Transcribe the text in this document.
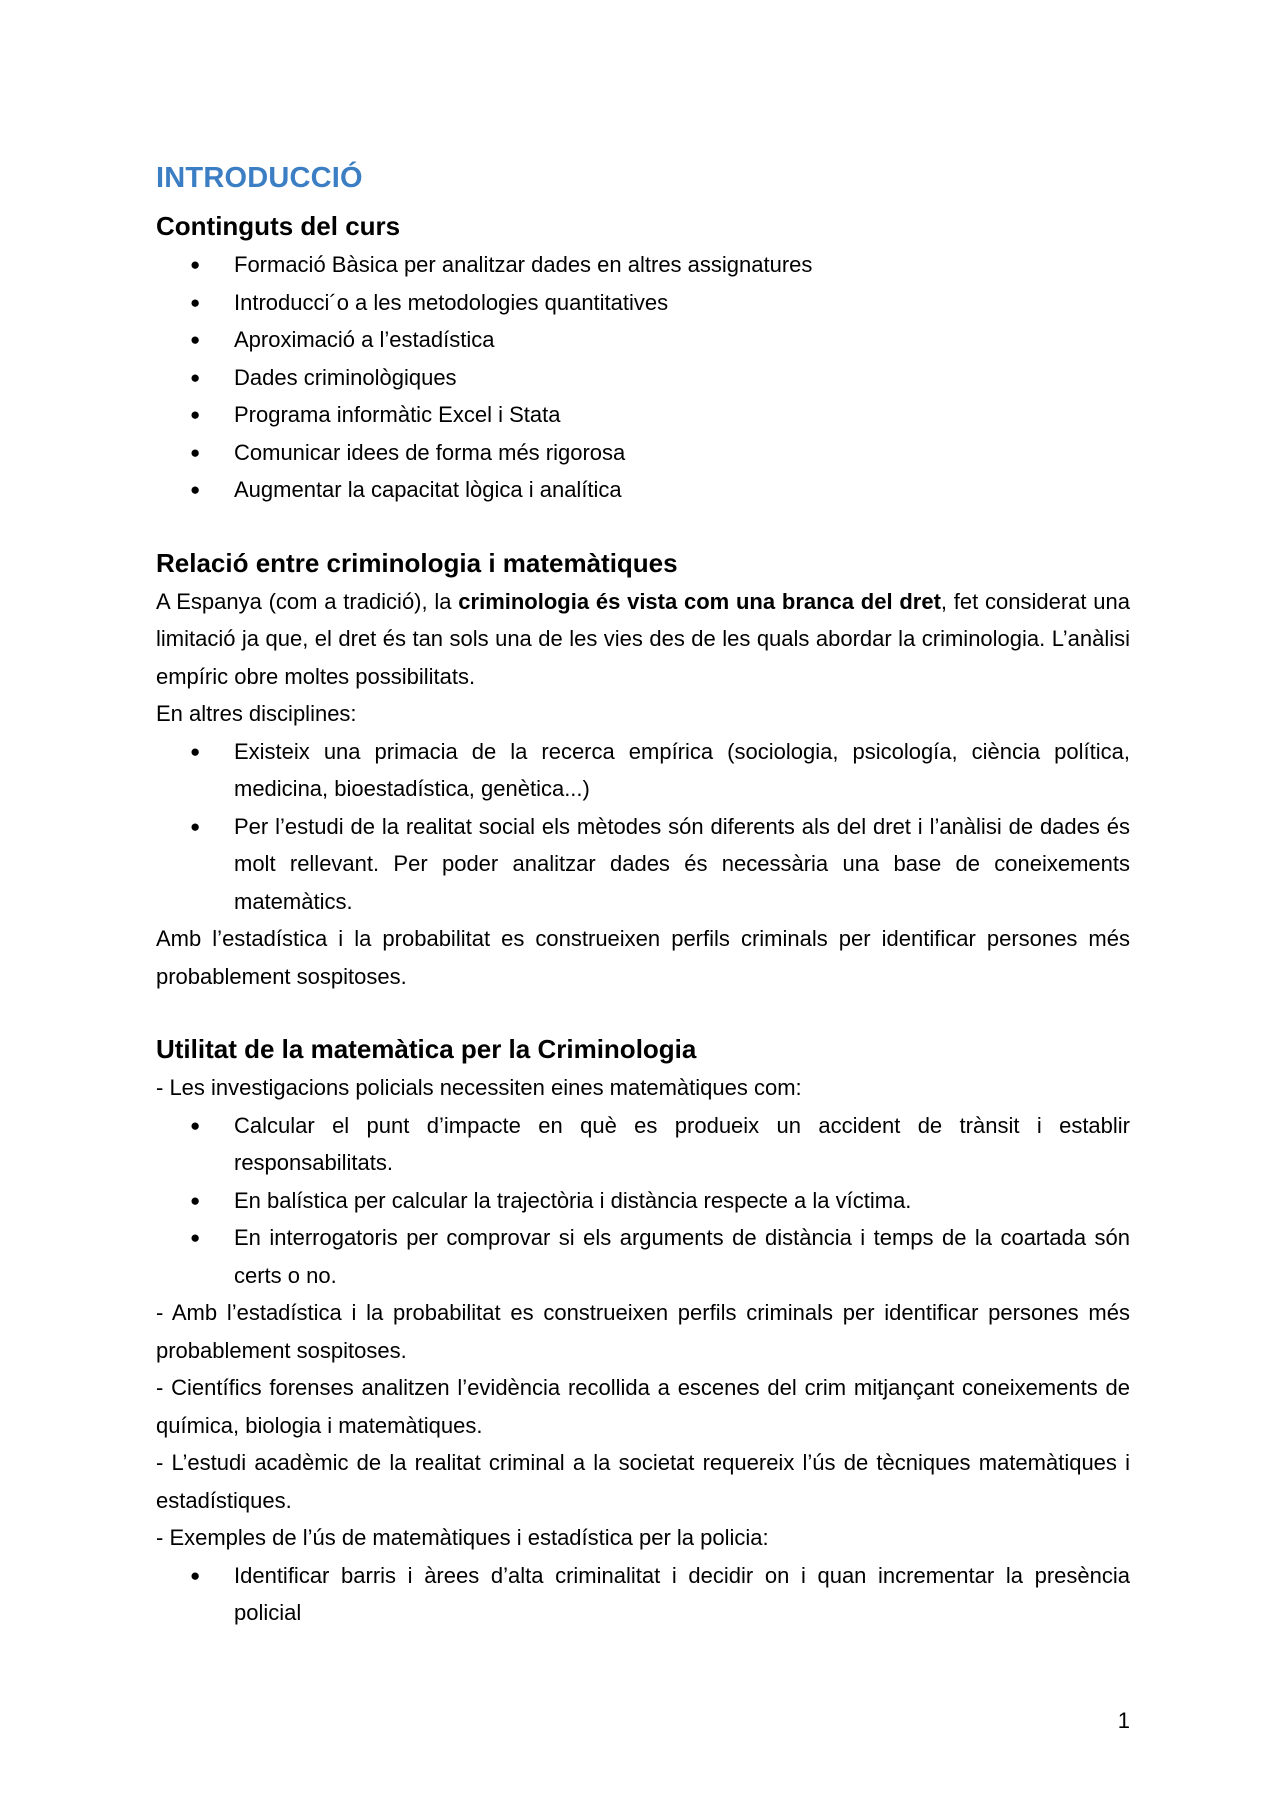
INTRODUCCIÓ
Continguts del curs
● Formació Bàsica per analitzar dades en altres assignatures
● Introducci´o a les metodologies quantitatives
● Aproximació a l’estadística
● Dades criminològiques
● Programa informàtic Excel i Stata
● Comunicar idees de forma més rigorosa
● Augmentar la capacitat lògica i analítica
Relació entre criminologia i matemàtiques

A Espanya (com a tradició), la criminologia és vista com una branca del dret, fet considerat una limitació ja que, el dret és tan sols una de les vies des de les quals abordar la criminologia. L’anàlisi empíric obre moltes possibilitats.

En altres disciplines:

● Existeix una primacia de la recerca empírica (sociologia, psicología, ciència política, medicina, bioestadística, genètica...)
● Per l’estudi de la realitat social els mètodes són diferents als del dret i l’anàlisi de dades és molt rellevant. Per poder analitzar dades és necessària una base de coneixements matemàtics.

Amb l’estadística i la probabilitat es construeixen perfils criminals per identificar persones més probablement sospitoses.

Utilitat de la matemàtica per la Criminologia

- Les investigacions policials necessiten eines matemàtiques com:

● Calcular el punt d’impacte en què es produeix un accident de trànsit i establir responsabilitats.
● En balística per calcular la trajectòria i distància respecte a la víctima.
● En interrogatoris per comprovar si els arguments de distància i temps de la coartada són certs o no.

- Amb l’estadística i la probabilitat es construeixen perfils criminals per identificar persones més probablement sospitoses.

- Científics forenses analitzen l’evidència recollida a escenes del crim mitjançant coneixements de química, biologia i matemàtiques.

- L’estudi acadèmic de la realitat criminal a la societat requereix l’ús de tècniques matemàtiques i estadístiques.

- Exemples de l’ús de matemàtiques i estadística per la policia:

● Identificar barris i àrees d’alta criminalitat i decidir on i quan incrementar la presència policial
1
